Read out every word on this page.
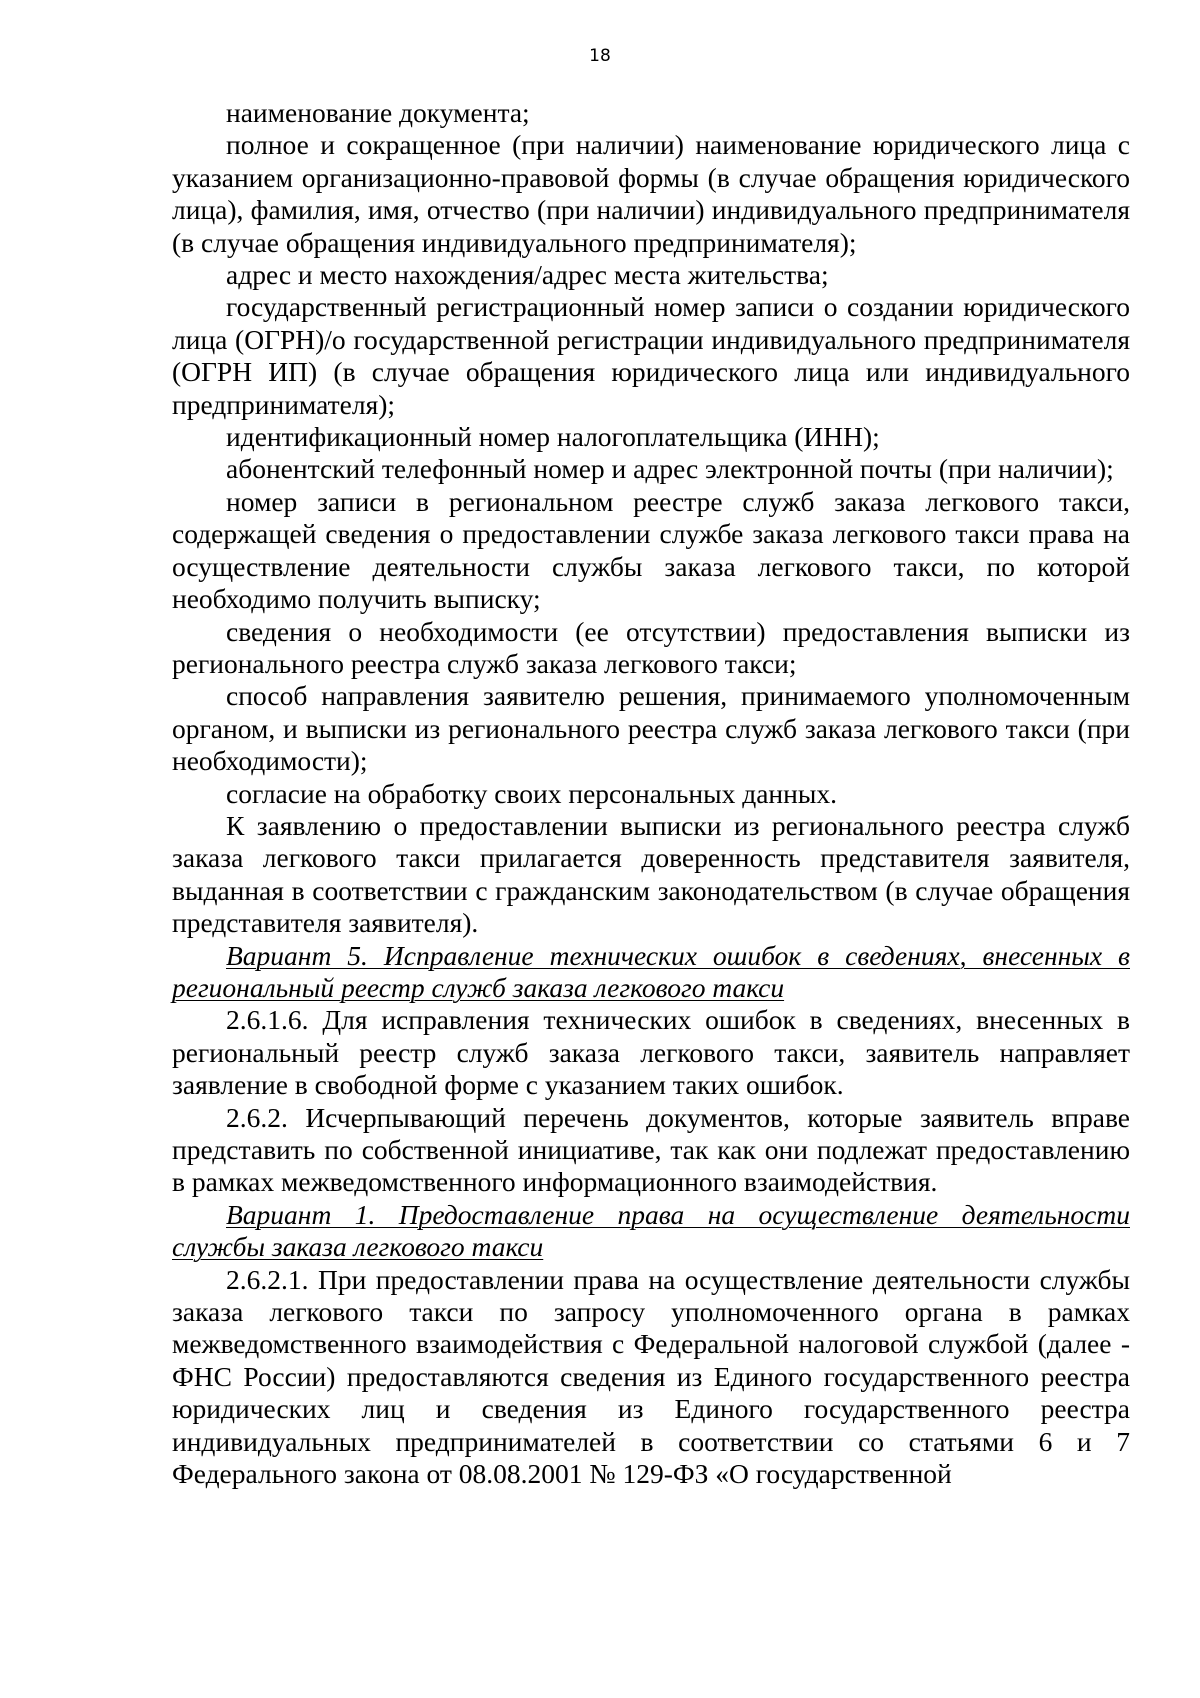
18

наименование документа;

полное и сокращенное (при наличии) наименование юридического лица с указанием организационно-правовой формы (в случае обращения юридического лица), фамилия, имя, отчество (при наличии) индивидуального предпринимателя (в случае обращения индивидуального предпринимателя);

адрес и место нахождения/адрес места жительства;

государственный регистрационный номер записи о создании юридического лица (ОГРН)/о государственной регистрации индивидуального предпринимателя (ОГРН ИП) (в случае обращения юридического лица или индивидуального предпринимателя);

идентификационный номер налогоплательщика (ИНН);

абонентский телефонный номер и адрес электронной почты (при наличии);

номер записи в региональном реестре служб заказа легкового такси, содержащей сведения о предоставлении службе заказа легкового такси права на осуществление деятельности службы заказа легкового такси, по которой необходимо получить выписку;

сведения о необходимости (ее отсутствии) предоставления выписки из регионального реестра служб заказа легкового такси;

способ направления заявителю решения, принимаемого уполномоченным органом, и выписки из регионального реестра служб заказа легкового такси (при необходимости);

согласие на обработку своих персональных данных.

К заявлению о предоставлении выписки из регионального реестра служб заказа легкового такси прилагается доверенность представителя заявителя, выданная в соответствии с гражданским законодательством (в случае обращения представителя заявителя).

Вариант 5. Исправление технических ошибок в сведениях, внесенных в региональный реестр служб заказа легкового такси

2.6.1.6. Для исправления технических ошибок в сведениях, внесенных в региональный реестр служб заказа легкового такси, заявитель направляет заявление в свободной форме с указанием таких ошибок.

2.6.2. Исчерпывающий перечень документов, которые заявитель вправе представить по собственной инициативе, так как они подлежат предоставлению в рамках межведомственного информационного взаимодействия.

Вариант 1. Предоставление права на осуществление деятельности службы заказа легкового такси

2.6.2.1. При предоставлении права на осуществление деятельности службы заказа легкового такси по запросу уполномоченного органа в рамках межведомственного взаимодействия с Федеральной налоговой службой (далее - ФНС России) предоставляются сведения из Единого государственного реестра юридических лиц и сведения из Единого государственного реестра индивидуальных предпринимателей в соответствии со статьями 6 и 7 Федерального закона от 08.08.2001 № 129-ФЗ «О государственной
